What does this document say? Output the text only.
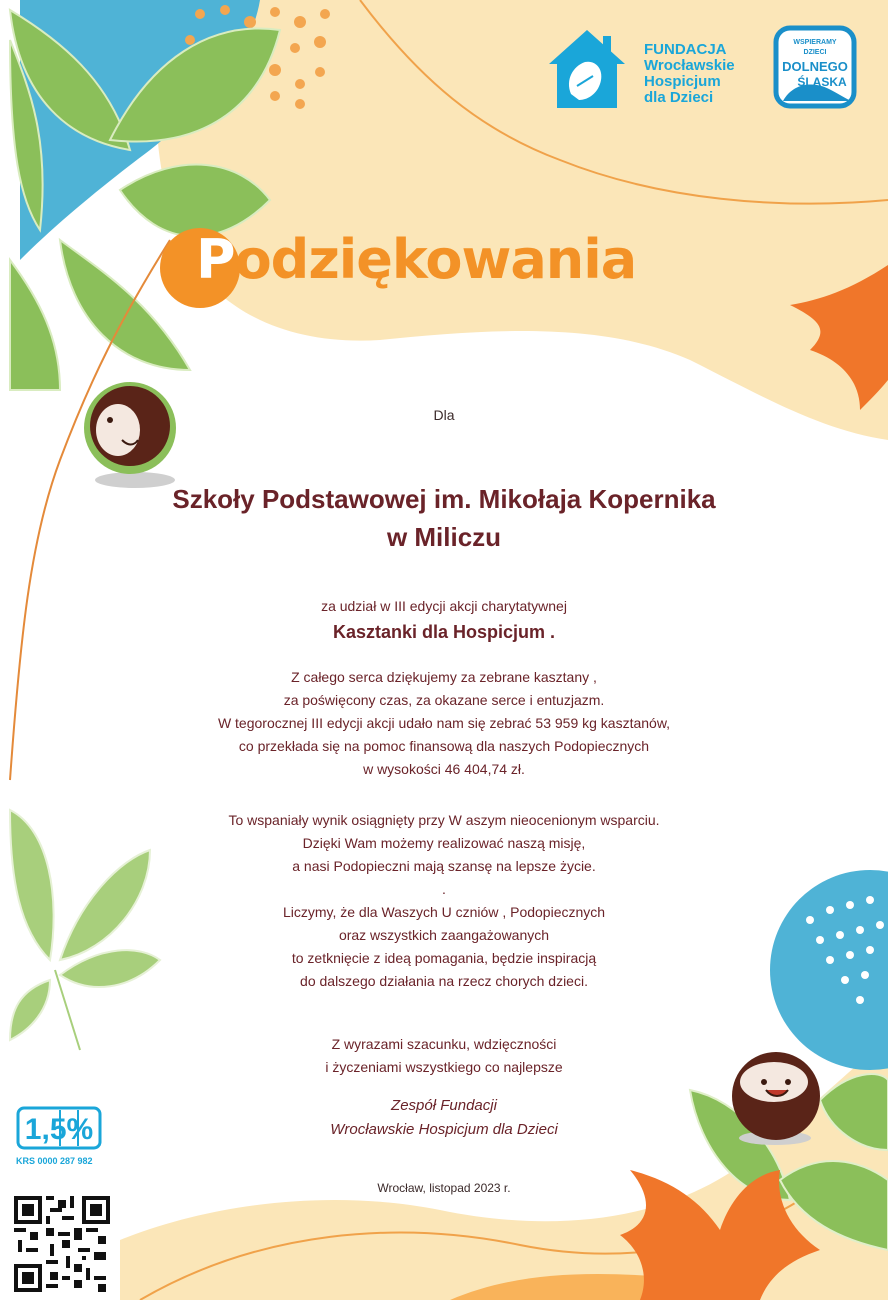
FUNDACJA
Wrocławskie
Hospicjum
dla Dzieci
WSPIERAMY
DZIECI
DOLNEGO
ŚLĄSKA
Podziękowania
Dla
Szkoły Podstawowej im. Mikołaja Kopernika
w Miliczu
za udział w III edycji akcji charytatywnej
Kasztanki dla Hospicjum .
Z całego serca dziękujemy za zebrane kasztany ,
za poświęcony czas, za okazane serce i entuzjazm.
W tegorocznej III edycji akcji udało nam się zebrać 53 959 kg kasztanów,
co przekłada się na pomoc finansową dla naszych Podopiecznych
w wysokości 46 404,74 zł.
To wspaniały wynik osiągnięty przy W aszym nieocenionym wsparciu.
Dzięki Wam możemy realizować naszą misję,
a nasi Podopieczni mają szansę na lepsze życie.
.
Liczymy, że dla Waszych U czniów , Podopiecznych
oraz wszystkich zaangażowanych
to zetknięcie z ideą pomagania, będzie inspiracją
do dalszego działania na rzecz chorych dzieci.
Z wyrazami szacunku, wdzięczności
i życzeniami wszystkiego co najlepsze
Zespół Fundacji
Wrocławskie Hospicjum dla Dzieci
Wrocław, listopad 2023 r.
1,5%
KRS 0000 287 982
